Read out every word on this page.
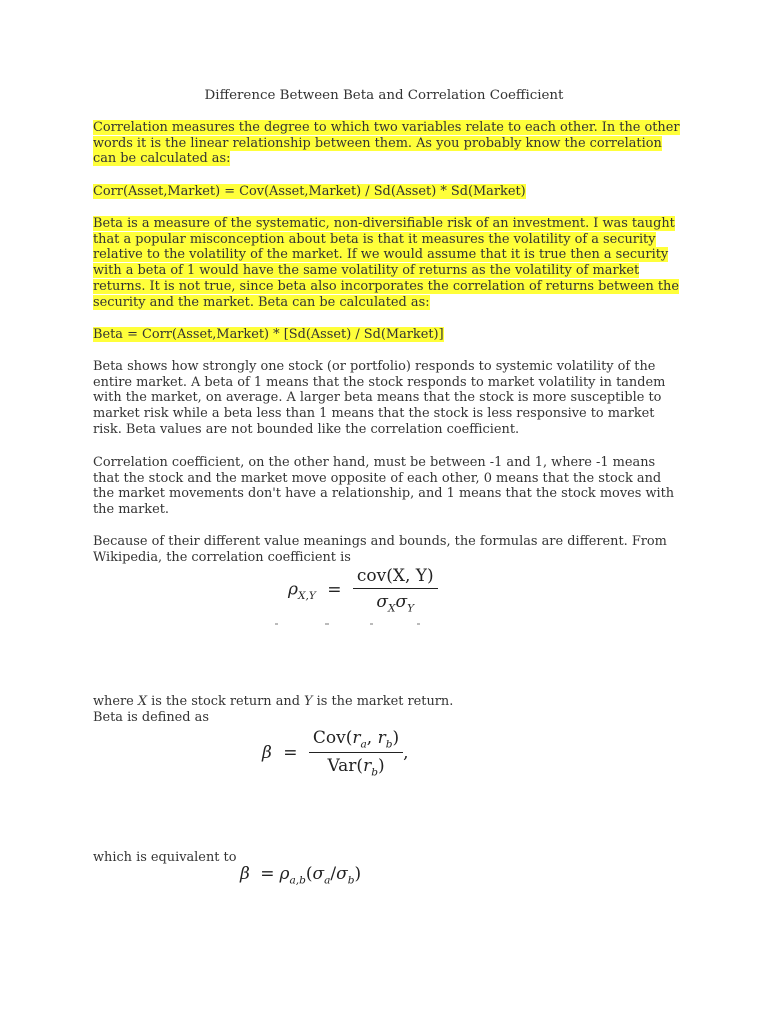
Difference Between Beta and Correlation Coefficient

Correlation measures the degree to which two variables relate to each other. In the other words it is the linear relationship between them. As you probably know the correlation can be calculated as:

Corr(Asset,Market) = Cov(Asset,Market) / Sd(Asset) * Sd(Market)

Beta is a measure of the systematic, non-diversifiable risk of an investment. I was taught that a popular misconception about beta is that it measures the volatility of a security relative to the volatility of the market. If we would assume that it is true then a security with a beta of 1 would have the same volatility of returns as the volatility of market returns. It is not true, since beta also incorporates the correlation of returns between the security and the market. Beta can be calculated as:

Beta = Corr(Asset,Market) * [Sd(Asset) / Sd(Market)]

Beta shows how strongly one stock (or portfolio) responds to systemic volatility of the entire market. A beta of 1 means that the stock responds to market volatility in tandem with the market, on average. A larger beta means that the stock is more susceptible to market risk while a beta less than 1 means that the stock is less responsive to market risk. Beta values are not bounded like the correlation coefficient.

Correlation coefficient, on the other hand, must be between -1 and 1, where -1 means that the stock and the market move opposite of each other, 0 means that the stock and the market movements don't have a relationship, and 1 means that the stock moves with the market.

Because of their different value meanings and bounds, the formulas are different. From Wikipedia, the correlation coefficient is

$\rho_{X,Y} = \frac{\text{cov(X, Y)}}{\sigma_X\sigma_Y}$

where X is the stock return and Y is the market return.
Beta is defined as

$\beta = \frac{Cov(r_a, r_b)}{Var(r_b)}$ ,

which is equivalent to

$\beta = \rho_{a,b}(\sigma_a/\sigma_b)$
